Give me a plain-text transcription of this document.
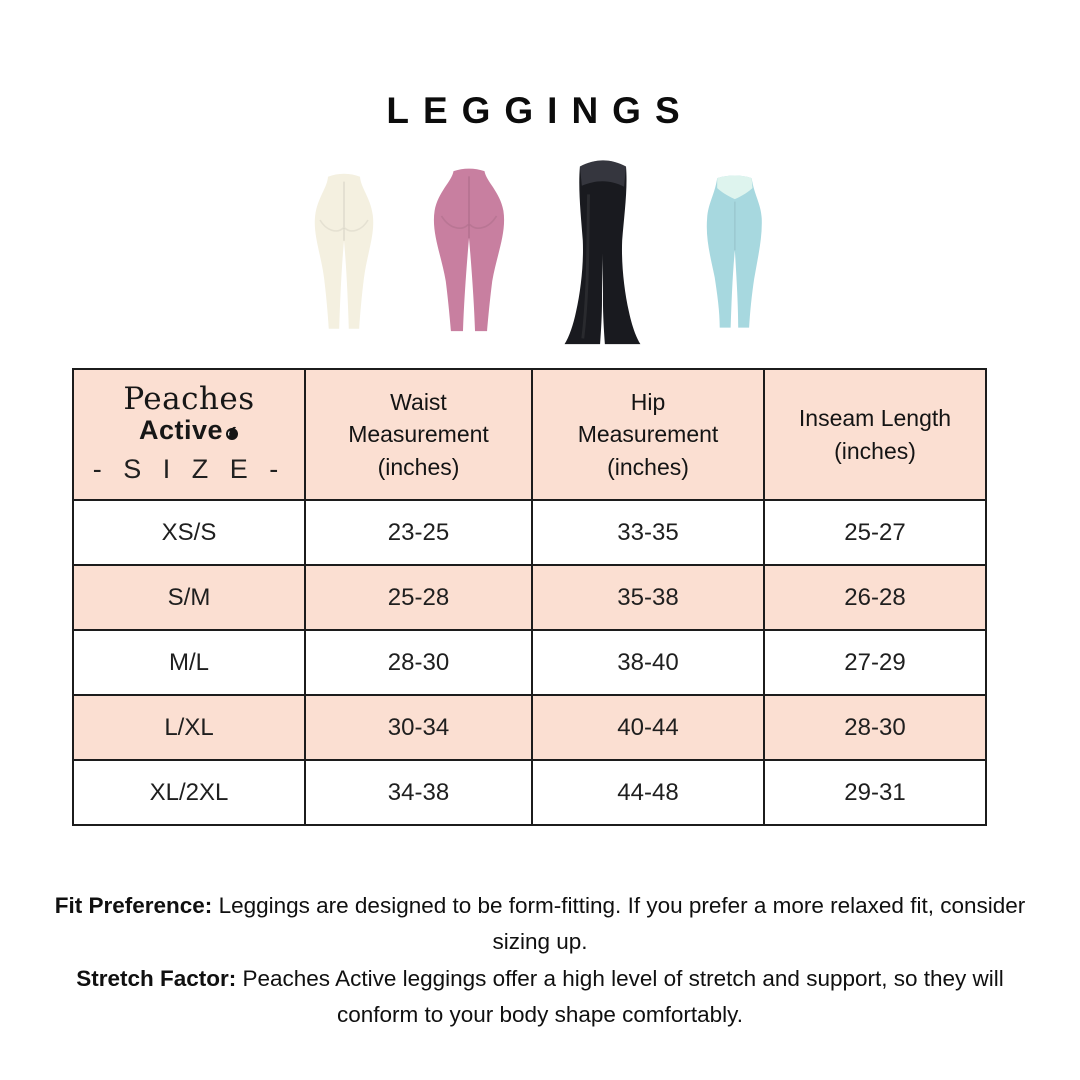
LEGGINGS
Peaches
Active
- S I Z E -	Waist Measurement (inches)	Hip Measurement (inches)	Inseam Length (inches)
XS/S	23-25	33-35	25-27
S/M	25-28	35-38	26-28
M/L	28-30	38-40	27-29
L/XL	30-34	40-44	28-30
XL/2XL	34-38	44-48	29-31

Fit Preference: Leggings are designed to be form-fitting. If you prefer a more relaxed fit, consider sizing up.

Stretch Factor: Peaches Active leggings offer a high level of stretch and support, so they will conform to your body shape comfortably.
